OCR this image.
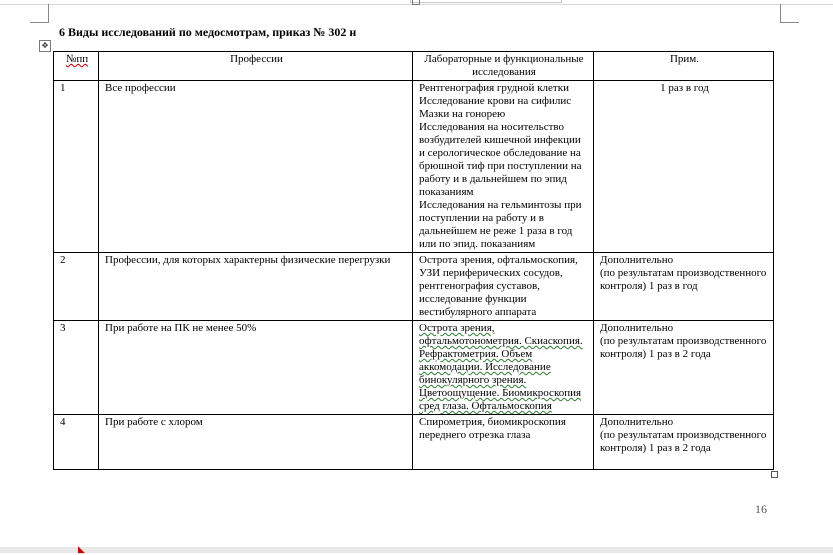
6 Виды исследований по медосмотрам, приказ № 302 н
✥
№пп	Профессии	Лабораторные и функциональные исследования	Прим.
1	Все профессии	Рентгенография грудной клетки

Исследование крови на сифилис

Мазки на гонорею

Исследования на носительство возбудителей кишечной инфекции и серологическое обследование на брюшной тиф при поступлении на работу и в дальнейшем по эпид показаниям

Исследования на гельминтозы при поступлении на работу и в дальнейшем не реже 1 раза в год или по эпид. показаниям	1 раз в год
2	Профессии, для которых характерны физические перегрузки	Острота зрения, офтальмоскопия, УЗИ периферических сосудов, рентгенография суставов, исследование функции вестибулярного аппарата	Дополнительно

(по результатам производственного контроля) 1 раз в год

3	При работе на ПК не менее 50%	Острота зрения, офтальмотонометрия. Скиаскопия. Рефрактометрия. Объем аккомодации. Исследование бинокулярного зрения. Цветоощущение. Биомикроскопия сред глаза. Офтальмоскопия	Дополнительно

(по результатам производственного контроля) 1 раз в 2 года

4	При работе с хлором	Спирометрия, биомикроскопия переднего отрезка глаза	Дополнительно

(по результатам производственного контроля) 1 раз в 2 года

16
◣
